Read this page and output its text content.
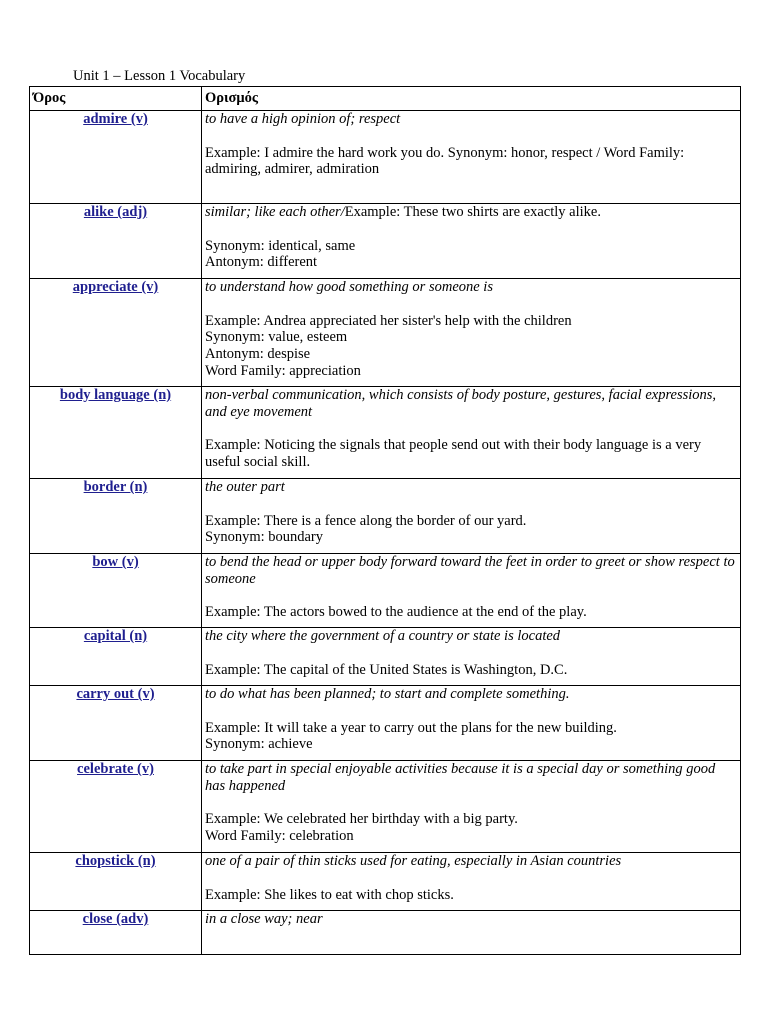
Unit 1 – Lesson 1 Vocabulary
Όρος	Ορισμός
admire (v)	to have a high opinion of; respect
Example: I admire the hard work you do. Synonym: honor, respect / Word Family: admiring, admirer, admiration

alike (adj)	similar; like each other/Example: These two shirts are exactly alike.
Synonym: identical, same
Antonym: different

appreciate (v)	to understand how good something or someone is
Example: Andrea appreciated her sister's help with the children
Synonym: value, esteem
Antonym: despise
Word Family: appreciation

body language (n)	non-verbal communication, which consists of body posture, gestures, facial expressions, and eye movement
Example: Noticing the signals that people send out with their body language is a very useful social skill.

border (n)	the outer part
Example: There is a fence along the border of our yard.
Synonym: boundary

bow (v)	to bend the head or upper body forward toward the feet in order to greet or show respect to someone
Example: The actors bowed to the audience at the end of the play.

capital (n)	the city where the government of a country or state is located
Example: The capital of the United States is Washington, D.C.

carry out (v)	to do what has been planned; to start and complete something.
Example: It will take a year to carry out the plans for the new building.
Synonym: achieve

celebrate (v)	to take part in special enjoyable activities because it is a special day or something good has happened
Example: We celebrated her birthday with a big party.
Word Family: celebration

chopstick (n)	one of a pair of thin sticks used for eating, especially in Asian countries
Example: She likes to eat with chop sticks.

close (adv)	in a close way; near
